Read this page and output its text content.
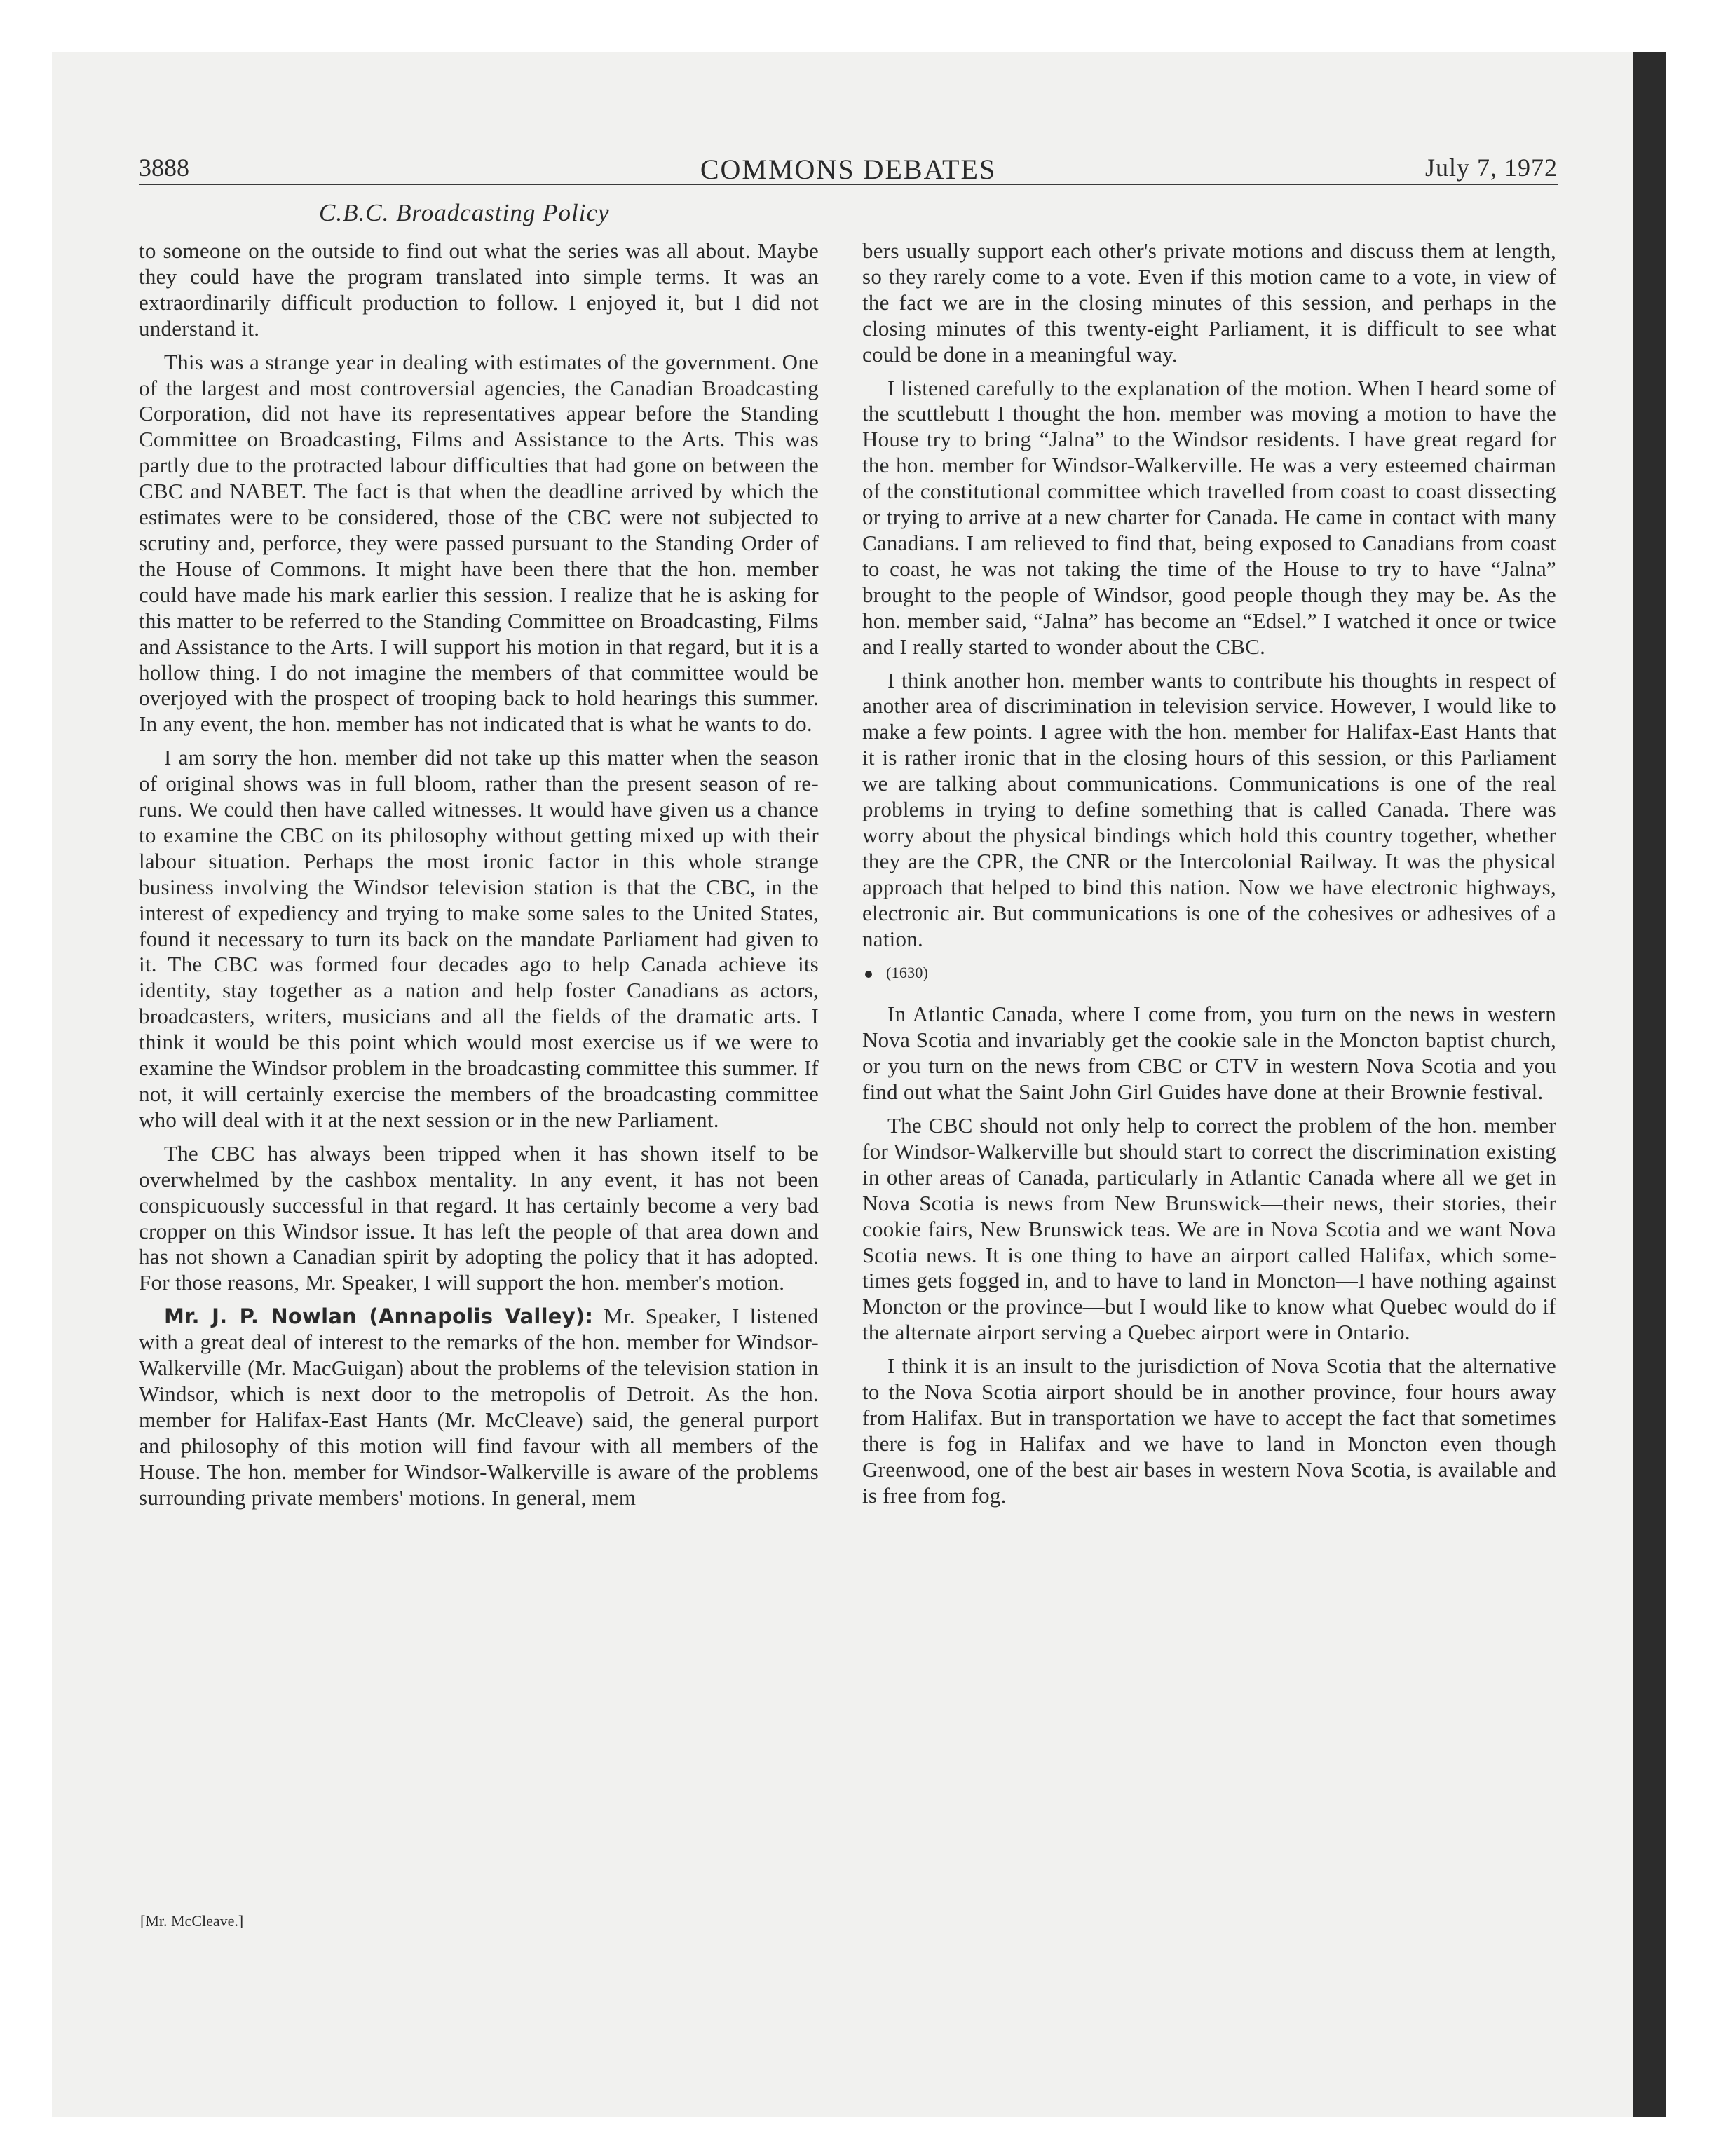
3888	COMMONS DEBATES	July 7, 1972
C.B.C. Broadcasting Policy

to someone on the outside to find out what the series was all about. Maybe they could have the program translated into simple terms. It was an extraordinarily difficult production to follow. I enjoyed it, but I did not understand it.

This was a strange year in dealing with estimates of the government. One of the largest and most controversial agencies, the Canadian Broadcasting Corporation, did not have its representatives appear before the Standing Committee on Broadcasting, Films and Assistance to the Arts. This was partly due to the protracted labour difficulties that had gone on between the CBC and NABET. The fact is that when the deadline arrived by which the estimates were to be considered, those of the CBC were not subjected to scrutiny and, perforce, they were passed pursuant to the Standing Order of the House of Commons. It might have been there that the hon. member could have made his mark earlier this session. I realize that he is asking for this matter to be referred to the Standing Committee on Broadcasting, Films and Assistance to the Arts. I will support his motion in that regard, but it is a hollow thing. I do not imagine the members of that committee would be overjoyed with the prospect of trooping back to hold hearings this summer. In any event, the hon. member has not indicated that is what he wants to do.

I am sorry the hon. member did not take up this matter when the season of original shows was in full bloom, rather than the present season of re-runs. We could then have called witnesses. It would have given us a chance to examine the CBC on its philosophy without getting mixed up with their labour situation. Perhaps the most ironic factor in this whole strange business involving the Windsor television station is that the CBC, in the interest of expediency and trying to make some sales to the United States, found it necessary to turn its back on the mandate Parliament had given to it. The CBC was formed four decades ago to help Canada achieve its identity, stay together as a nation and help foster Canadians as actors, broadcasters, writers, musicians and all the fields of the dramatic arts. I think it would be this point which would most exercise us if we were to examine the Windsor problem in the broadcasting committee this summer. If not, it will certainly exercise the members of the broadcasting committee who will deal with it at the next session or in the new Parliament.

The CBC has always been tripped when it has shown itself to be overwhelmed by the cashbox mentality. In any event, it has not been conspicuously successful in that regard. It has certainly become a very bad cropper on this Windsor issue. It has left the people of that area down and has not shown a Canadian spirit by adopting the policy that it has adopted. For those reasons, Mr. Speaker, I will support the hon. member's motion.

Mr. J. P. Nowlan (Annapolis Valley): Mr. Speaker, I listened with a great deal of interest to the remarks of the hon. member for Windsor-Walkerville (Mr. MacGuigan) about the problems of the television station in Windsor, which is next door to the metropolis of Detroit. As the hon. member for Halifax-East Hants (Mr. McCleave) said, the general purport and philosophy of this motion will find favour with all members of the House. The hon. member for Windsor-Walkerville is aware of the problems surrounding private members' motions. In general, mem

bers usually support each other's private motions and discuss them at length, so they rarely come to a vote. Even if this motion came to a vote, in view of the fact we are in the closing minutes of this session, and perhaps in the closing minutes of this twenty-eight Parliament, it is difficult to see what could be done in a meaningful way.

I listened carefully to the explanation of the motion. When I heard some of the scuttlebutt I thought the hon. member was moving a motion to have the House try to bring “Jalna” to the Windsor residents. I have great regard for the hon. member for Windsor-Walkerville. He was a very esteemed chairman of the constitutional committee which travelled from coast to coast dissecting or trying to arrive at a new charter for Canada. He came in contact with many Canadians. I am relieved to find that, being exposed to Canadians from coast to coast, he was not taking the time of the House to try to have “Jalna” brought to the people of Windsor, good people though they may be. As the hon. member said, “Jalna” has become an “Edsel.” I watched it once or twice and I really started to wonder about the CBC.

I think another hon. member wants to contribute his thoughts in respect of another area of discrimination in television service. However, I would like to make a few points. I agree with the hon. member for Halifax-East Hants that it is rather ironic that in the closing hours of this session, or this Parliament we are talking about communications. Communications is one of the real problems in trying to define something that is called Canada. There was worry about the physical bindings which hold this country together, whether they are the CPR, the CNR or the Intercolonial Railway. It was the physical approach that helped to bind this nation. Now we have electronic highways, electronic air. But communications is one of the cohesives or adhesives of a nation.

(1630)

In Atlantic Canada, where I come from, you turn on the news in western Nova Scotia and invariably get the cookie sale in the Moncton baptist church, or you turn on the news from CBC or CTV in western Nova Scotia and you find out what the Saint John Girl Guides have done at their Brownie festival.

The CBC should not only help to correct the problem of the hon. member for Windsor-Walkerville but should start to correct the discrimination existing in other areas of Canada, particularly in Atlantic Canada where all we get in Nova Scotia is news from New Brunswick—their news, their stories, their cookie fairs, New Brunswick teas. We are in Nova Scotia and we want Nova Scotia news. It is one thing to have an airport called Halifax, which sometimes gets fogged in, and to have to land in Moncton—I have nothing against Moncton or the province—but I would like to know what Quebec would do if the alternate airport serving a Quebec airport were in Ontario.

I think it is an insult to the jurisdiction of Nova Scotia that the alternative to the Nova Scotia airport should be in another province, four hours away from Halifax. But in transportation we have to accept the fact that sometimes there is fog in Halifax and we have to land in Moncton even though Greenwood, one of the best air bases in western Nova Scotia, is available and is free from fog.

[Mr. McCleave.]
